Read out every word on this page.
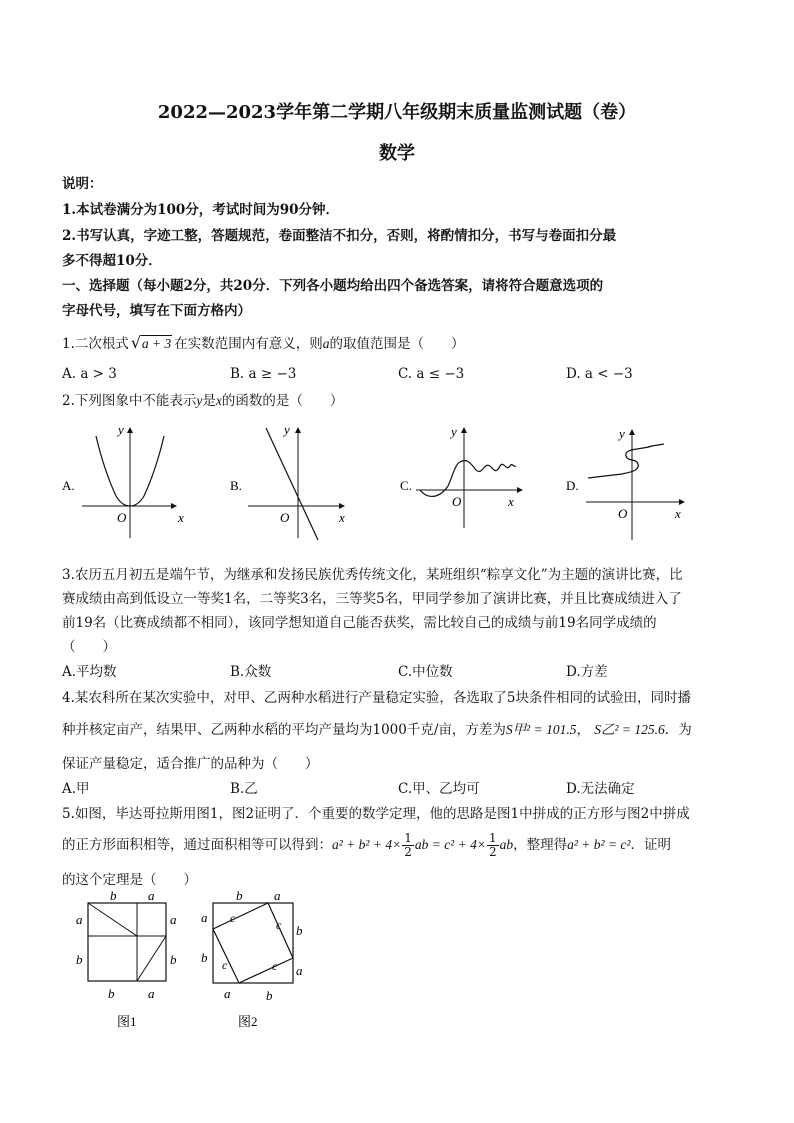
2022—2023学年第二学期八年级期末质量监测试题（卷）
数学
说明：
1.本试卷满分为100分，考试时间为90分钟．
2.书写认真，字迹工整，答题规范，卷面整洁不扣分，否则，将酌情扣分，书写与卷面扣分最
多不得超10分．
一、选择题（每小题2分，共20分．下列各小题均给出四个备选答案，请将符合题意选项的
字母代号，填写在下面方格内）
1.二次根式 √ a + 3 在实数范围内有意义，则a的取值范围是（　　）
A. a > 3	B. a ≥ −3	C. a ≤ −3	D. a < −3
2.下列图象中不能表示y是x的函数的是（　　）
A.
y
x
O
B.
y
x
O
C.
y
x
O
D.
y
x
O
3.农历五月初五是端午节，为继承和发扬民族优秀传统文化，某班组织“粽享文化”为主题的演讲比赛，比
赛成绩由高到低设立一等奖1名，二等奖3名，三等奖5名，甲同学参加了演讲比赛，并且比赛成绩进入了
前19名（比赛成绩都不相同），该同学想知道自己能否获奖，需比较自己的成绩与前19名同学成绩的
（　　）
A.平均数	B.众数	C.中位数	D.方差
4.某农科所在某次实验中，对甲、乙两种水稻进行产量稳定实验，各选取了5块条件相同的试验田，同时播
种并核定亩产，结果甲、乙两种水稻的平均产量均为1000千克/亩，方差为S甲² = 101.5， S乙² = 125.6．为
保证产量稳定，适合推广的品种为（　　）
A.甲	B.乙	C.甲、乙均可	D.无法确定
5.如图，毕达哥拉斯用图1，图2证明了．个重要的数学定理，他的思路是图1中拼成的正方形与图2中拼成
的正方形面积相等，通过面积相等可以得到：$a^2 + b^2 + 4\times \frac{1}{2}$ ab = $c^2 + 4\times \frac{1}{2}$ ab，整理得a² + b² = c²．证明
的这个定理是（　　）
b a
a
b
a
b
b	a
图1
b a
a
b
b
a
a	b
c	c
c	c
图2
